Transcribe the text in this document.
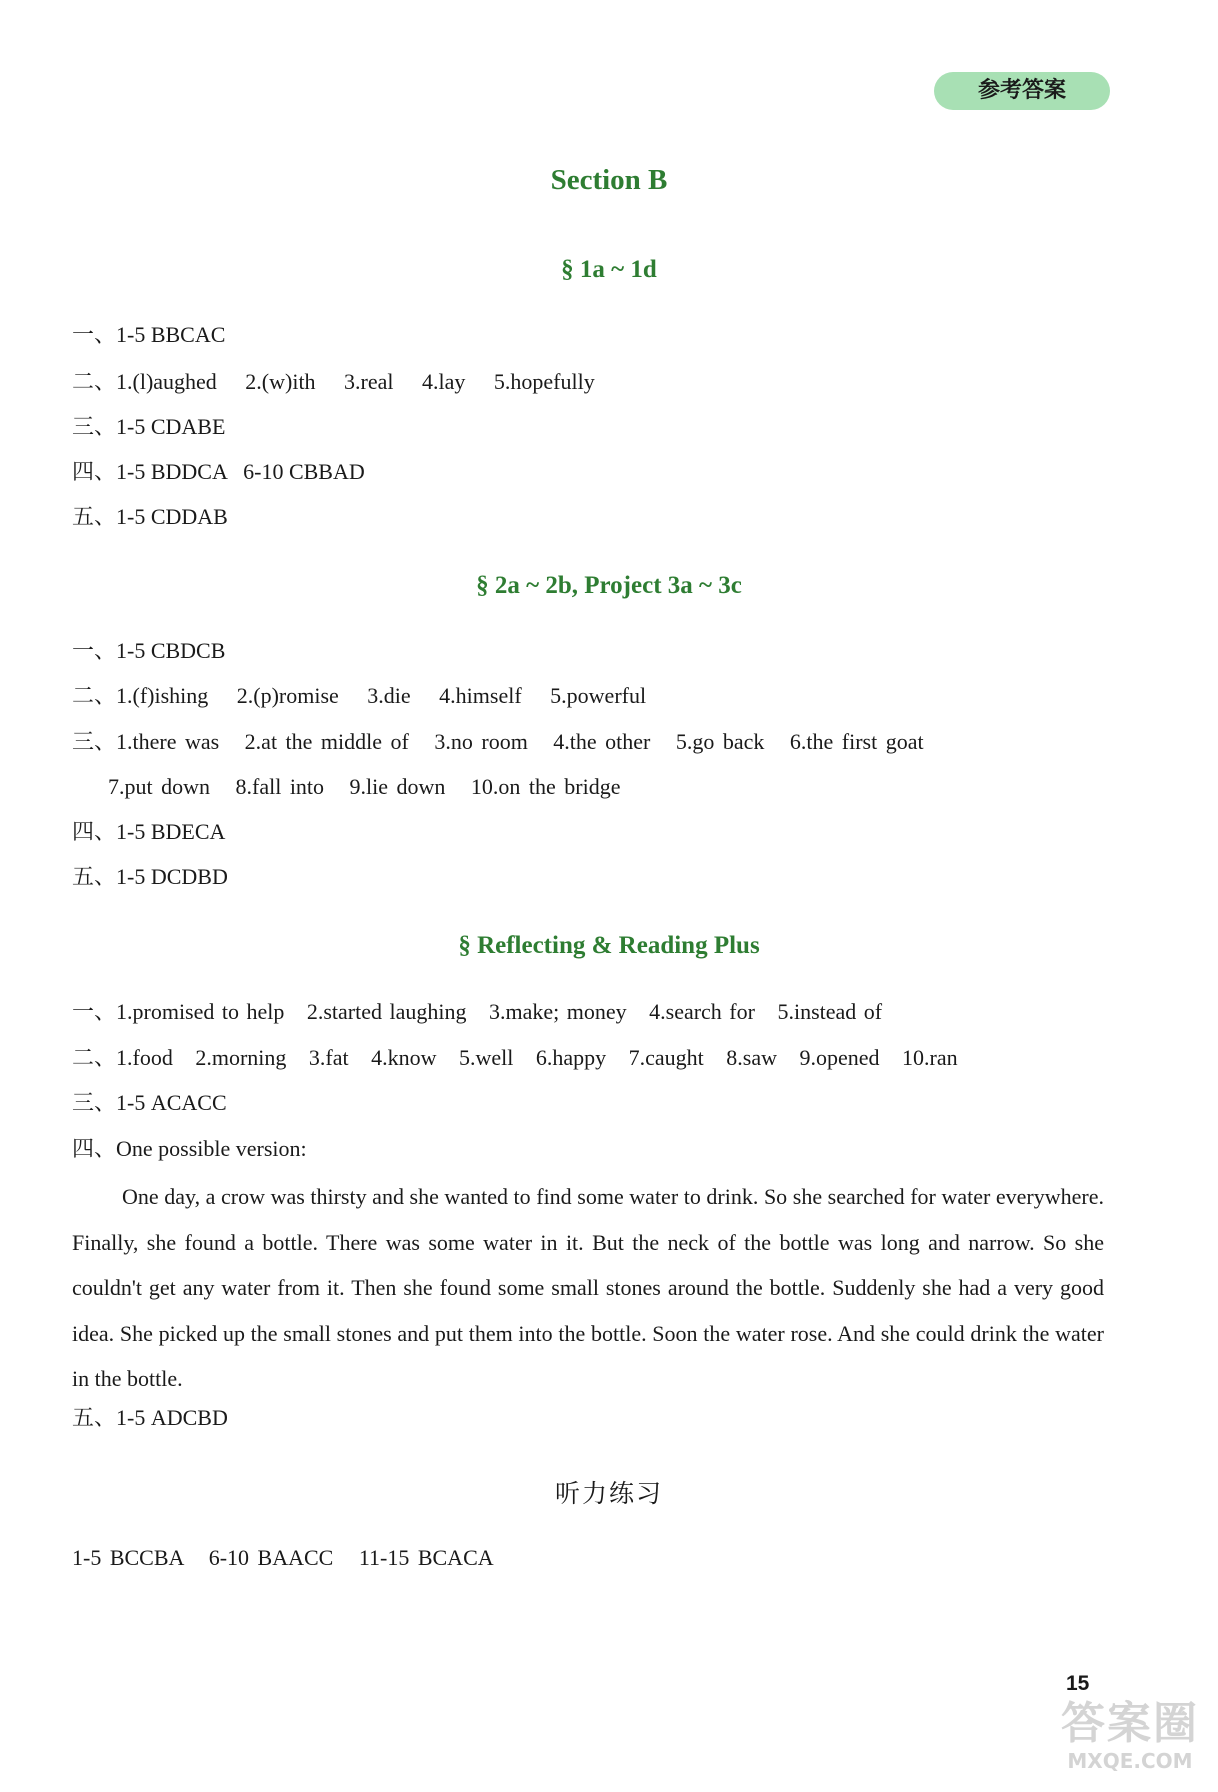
参考答案
Section B
§ 1a ~ 1d
一、1-5 BBCAC
二、1.(l)aughed   2.(w)ith   3.real   4.lay   5.hopefully
三、1-5 CDABE
四、1-5 BDDCA   6-10 CBBAD
五、1-5 CDDAB
§ 2a ~ 2b, Project 3a ~ 3c
一、1-5 CBDCB
二、1.(f)ishing   2.(p)romise   3.die   4.himself   5.powerful
三、1.there was   2.at the middle of   3.no room   4.the other   5.go back   6.the first goat
7.put down   8.fall into   9.lie down   10.on the bridge
四、1-5 BDECA
五、1-5 DCDBD
§ Reflecting & Reading Plus
一、1.promised to help   2.started laughing   3.make; money   4.search for   5.instead of
二、1.food   2.morning   3.fat   4.know   5.well   6.happy   7.caught   8.saw   9.opened   10.ran
三、1-5 ACACC
四、One possible version:
One day, a crow was thirsty and she wanted to find some water to drink. So she searched for water everywhere. Finally, she found a bottle. There was some water in it. But the neck of the bottle was long and narrow. So she couldn't get any water from it. Then she found some small stones around the bottle. Suddenly she had a very good idea. She picked up the small stones and put them into the bottle. Soon the water rose. And she could drink the water in the bottle.
五、1-5 ADCBD
听力练习
1-5 BCCBA   6-10 BAACC   11-15 BCACA
15
答案圈
MXQE.COM
